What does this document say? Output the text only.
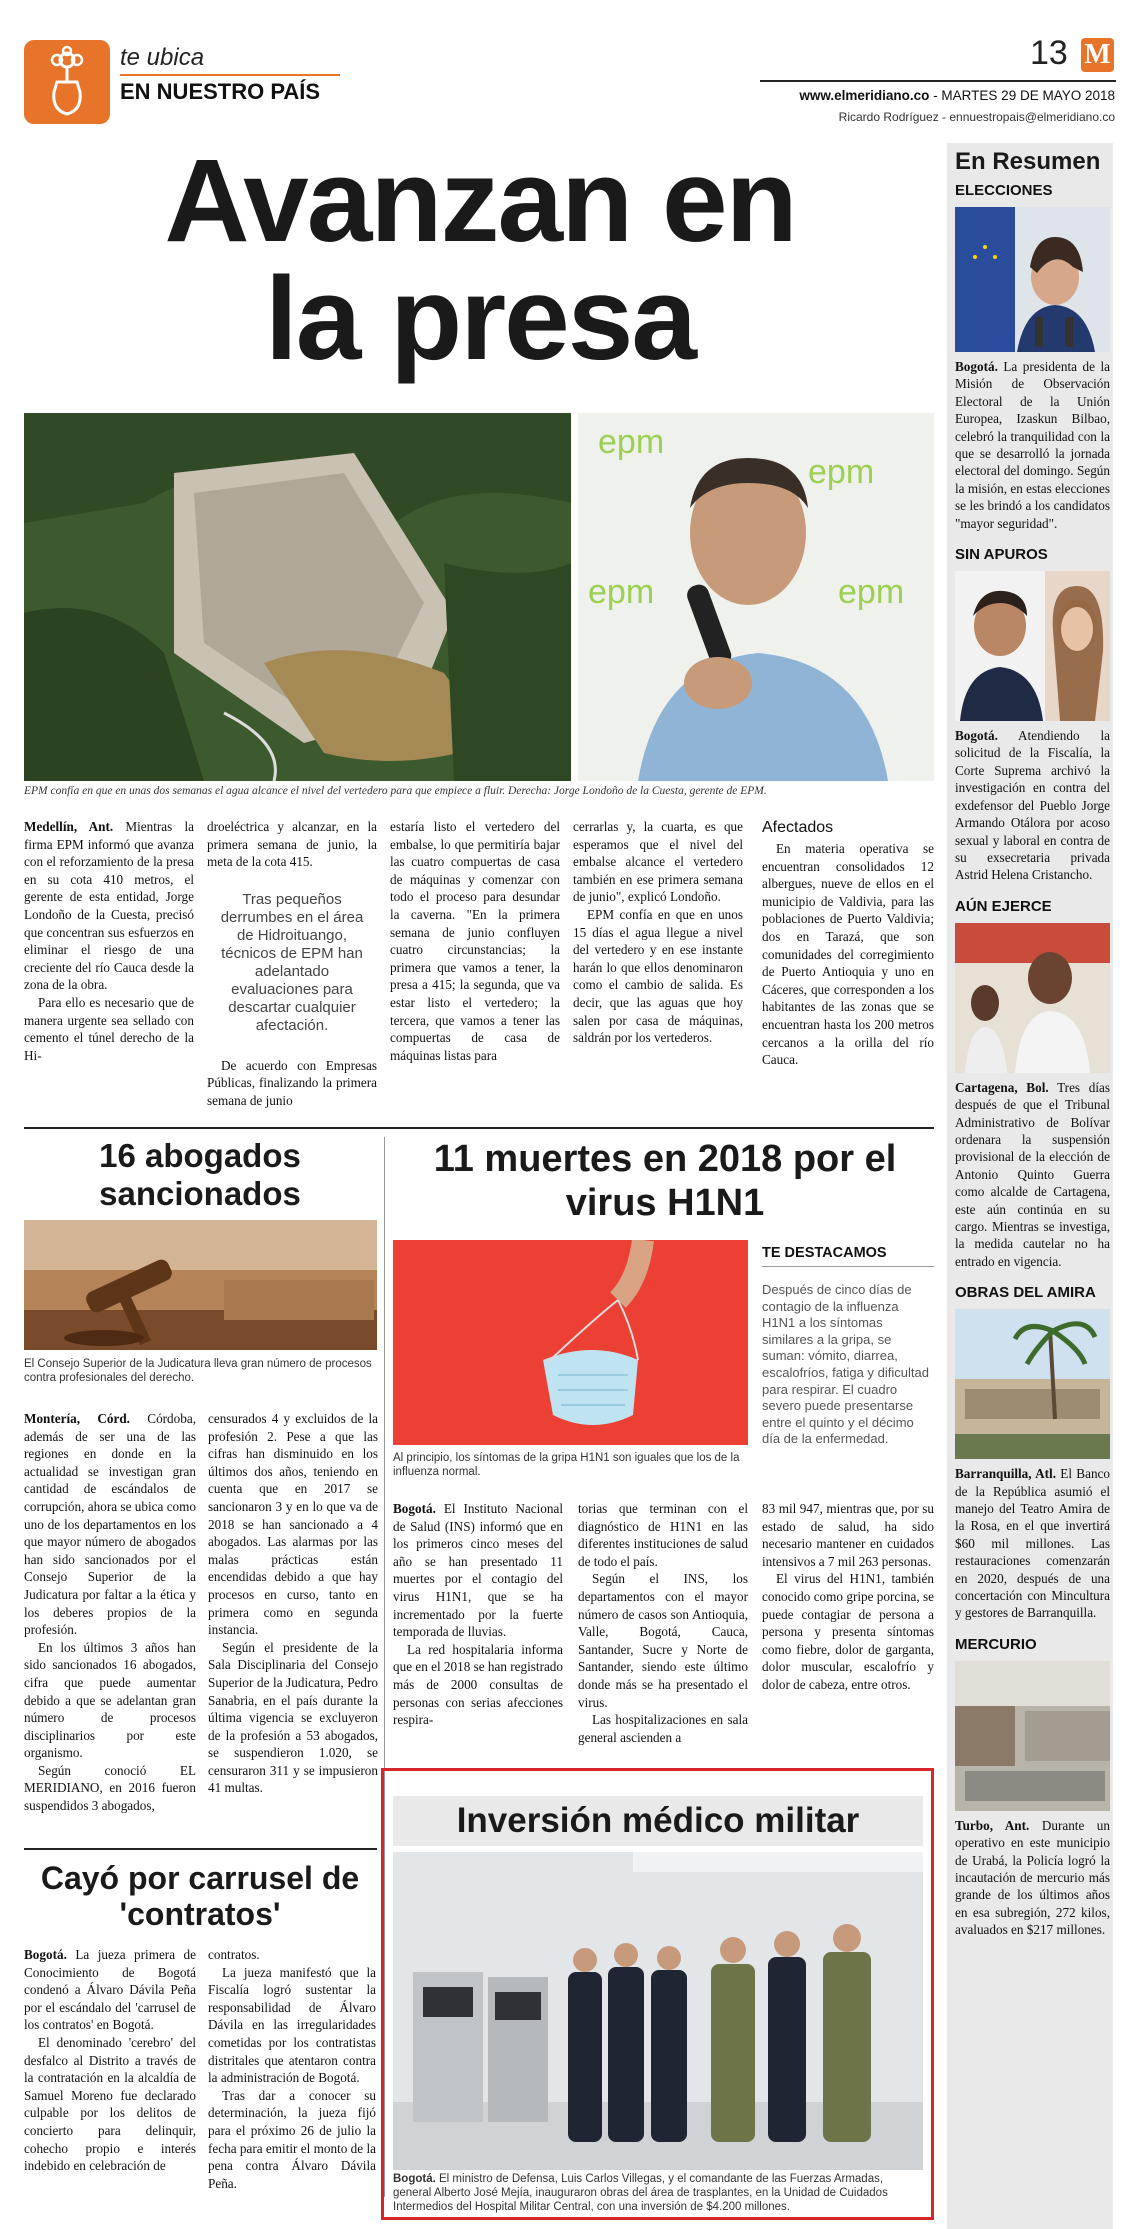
te ubica
EN NUESTRO PAÍS
13 M
www.elmeridiano.co - MARTES 29 DE MAYO 2018
Ricardo Rodríguez - ennuestropais@elmeridiano.co
Avanzan en
la presa
epm
epm
epm	epm
EPM confía en que en unas dos semanas el agua alcance el nivel del vertedero para que empiece a fluir. Derecha: Jorge Londoño de la Cuesta, gerente de EPM.

Medellín, Ant. Mientras la firma EPM informó que avanza con el reforzamiento de la presa en su cota 410 metros, el gerente de esta entidad, Jorge Londoño de la Cuesta, precisó que concentran sus esfuerzos en eliminar el riesgo de una creciente del río Cauca desde la zona de la obra.

Para ello es necesario que de manera urgente sea sellado con cemento el túnel derecho de la Hi-

droeléctrica y alcanzar, en la primera semana de junio, la meta de la cota 415.

Tras pequeños derrumbes en el área de Hidroituango, técnicos de EPM han adelantado evaluaciones para descartar cualquier afectación.

De acuerdo con Empresas Públicas, finalizando la primera semana de junio

estaría listo el vertedero del embalse, lo que permitiría bajar las cuatro compuertas de casa de máquinas y comenzar con todo el proceso para desundar la caverna. "En la primera semana de junio confluyen cuatro circunstancias; la primera que vamos a tener, la presa a 415; la segunda, que va estar listo el vertedero; la tercera, que vamos a tener las compuertas de casa de máquinas listas para

cerrarlas y, la cuarta, es que esperamos que el nivel del embalse alcance el vertedero también en ese primera semana de junio", explicó Londoño.

EPM confía en que en unos 15 días el agua llegue a nivel del vertedero y en ese instante harán lo que ellos denominaron como el cambio de salida. Es decir, que las aguas que hoy salen por casa de máquinas, saldrán por los vertederos.

Afectados

En materia operativa se encuentran consolidados 12 albergues, nueve de ellos en el municipio de Valdivia, para las poblaciones de Puerto Valdivia; dos en Tarazá, que son comunidades del corregimiento de Puerto Antioquia y uno en Cáceres, que corresponden a los habitantes de las zonas que se encuentran hasta los 200 metros cercanos a la orilla del río Cauca.

En Resumen
ELECCIONES
Bogotá. La presidenta de la Misión de Observación Electoral de la Unión Europea, Izaskun Bilbao, celebró la tranquilidad con la que se desarrolló la jornada electoral del domingo. Según la misión, en estas elecciones se les brindó a los candidatos "mayor seguridad".
SIN APUROS
Bogotá. Atendiendo la solicitud de la Fiscalía, la Corte Suprema archivó la investigación en contra del exdefensor del Pueblo Jorge Armando Otálora por acoso sexual y laboral en contra de su exsecretaria privada Astrid Helena Cristancho.
AÚN EJERCE
Cartagena, Bol. Tres días después de que el Tribunal Administrativo de Bolívar ordenara la suspensión provisional de la elección de Antonio Quinto Guerra como alcalde de Cartagena, este aún continúa en su cargo. Mientras se investiga, la medida cautelar no ha entrado en vigencia.
OBRAS DEL AMIRA
Barranquilla, Atl. El Banco de la República asumió el manejo del Teatro Amira de la Rosa, en el que invertirá $60 mil millones. Las restauraciones comenzarán en 2020, después de una concertación con Mincultura y gestores de Barranquilla.
MERCURIO
Turbo, Ant. Durante un operativo en este municipio de Urabá, la Policía logró la incautación de mercurio más grande de los últimos años en esa subregión, 272 kilos, avaluados en $217 millones.
16 abogados sancionados
El Consejo Superior de la Judicatura lleva gran número de procesos contra profesionales del derecho.

Montería, Córd. Córdoba, además de ser una de las regiones en donde en la actualidad se investigan gran cantidad de escándalos de corrupción, ahora se ubica como uno de los departamentos en los que mayor número de abogados han sido sancionados por el Consejo Superior de la Judicatura por faltar a la ética y los deberes propios de la profesión.

En los últimos 3 años han sido sancionados 16 abogados, cifra que puede aumentar debido a que se adelantan gran número de procesos disciplinarios por este organismo.

Según conoció EL MERIDIANO, en 2016 fueron suspendidos 3 abogados,

censurados 4 y excluidos de la profesión 2. Pese a que las cifras han disminuido en los últimos dos años, teniendo en cuenta que en 2017 se sancionaron 3 y en lo que va de 2018 se han sancionado a 4 abogados. Las alarmas por las malas prácticas están encendidas debido a que hay procesos en curso, tanto en primera como en segunda instancia.

Según el presidente de la Sala Disciplinaria del Consejo Superior de la Judicatura, Pedro Sanabria, en el país durante la última vigencia se excluyeron de la profesión a 53 abogados, se suspendieron 1.020, se censuraron 311 y se impusieron 41 multas.

Cayó por carrusel de 'contratos'

Bogotá. La jueza primera de Conocimiento de Bogotá condenó a Álvaro Dávila Peña por el escándalo del 'carrusel de los contratos' en Bogotá.

El denominado 'cerebro' del desfalco al Distrito a través de la contratación en la alcaldía de Samuel Moreno fue declarado culpable por los delitos de concierto para delinquir, cohecho propio e interés indebido en celebración de

contratos.

La jueza manifestó que la Fiscalía logró sustentar la responsabilidad de Álvaro Dávila en las irregularidades cometidas por los contratistas distritales que atentaron contra la administración de Bogotá.

Tras dar a conocer su determinación, la jueza fijó para el próximo 26 de julio la fecha para emitir el monto de la pena contra Álvaro Dávila Peña.

11 muertes en 2018 por el virus H1N1
Al principio, los síntomas de la gripa H1N1 son iguales que los de la influenza normal.
TE DESTACAMOS
Después de cinco días de contagio de la influenza H1N1 a los síntomas similares a la gripa, se suman: vómito, diarrea, escalofríos, fatiga y dificultad para respirar. El cuadro severo puede presentarse entre el quinto y el décimo día de la enfermedad.

Bogotá. El Instituto Nacional de Salud (INS) informó que en los primeros cinco meses del año se han presentado 11 muertes por el contagio del virus H1N1, que se ha incrementado por la fuerte temporada de lluvias.

La red hospitalaria informa que en el 2018 se han registrado más de 2000 consultas de personas con serias afecciones respira-

torias que terminan con el diagnóstico de H1N1 en las diferentes instituciones de salud de todo el país.

Según el INS, los departamentos con el mayor número de casos son Antioquia, Valle, Bogotá, Cauca, Santander, Sucre y Norte de Santander, siendo este último donde más se ha presentado el virus.

Las hospitalizaciones en sala general ascienden a

83 mil 947, mientras que, por su estado de salud, ha sido necesario mantener en cuidados intensivos a 7 mil 263 personas.

El virus del H1N1, también conocido como gripe porcina, se puede contagiar de persona a persona y presenta síntomas como fiebre, dolor de garganta, dolor muscular, escalofrío y dolor de cabeza, entre otros.

Inversión médico militar
Bogotá. El ministro de Defensa, Luis Carlos Villegas, y el comandante de las Fuerzas Armadas, general Alberto José Mejía, inauguraron obras del área de trasplantes, en la Unidad de Cuidados Intermedios del Hospital Militar Central, con una inversión de $4.200 millones.
